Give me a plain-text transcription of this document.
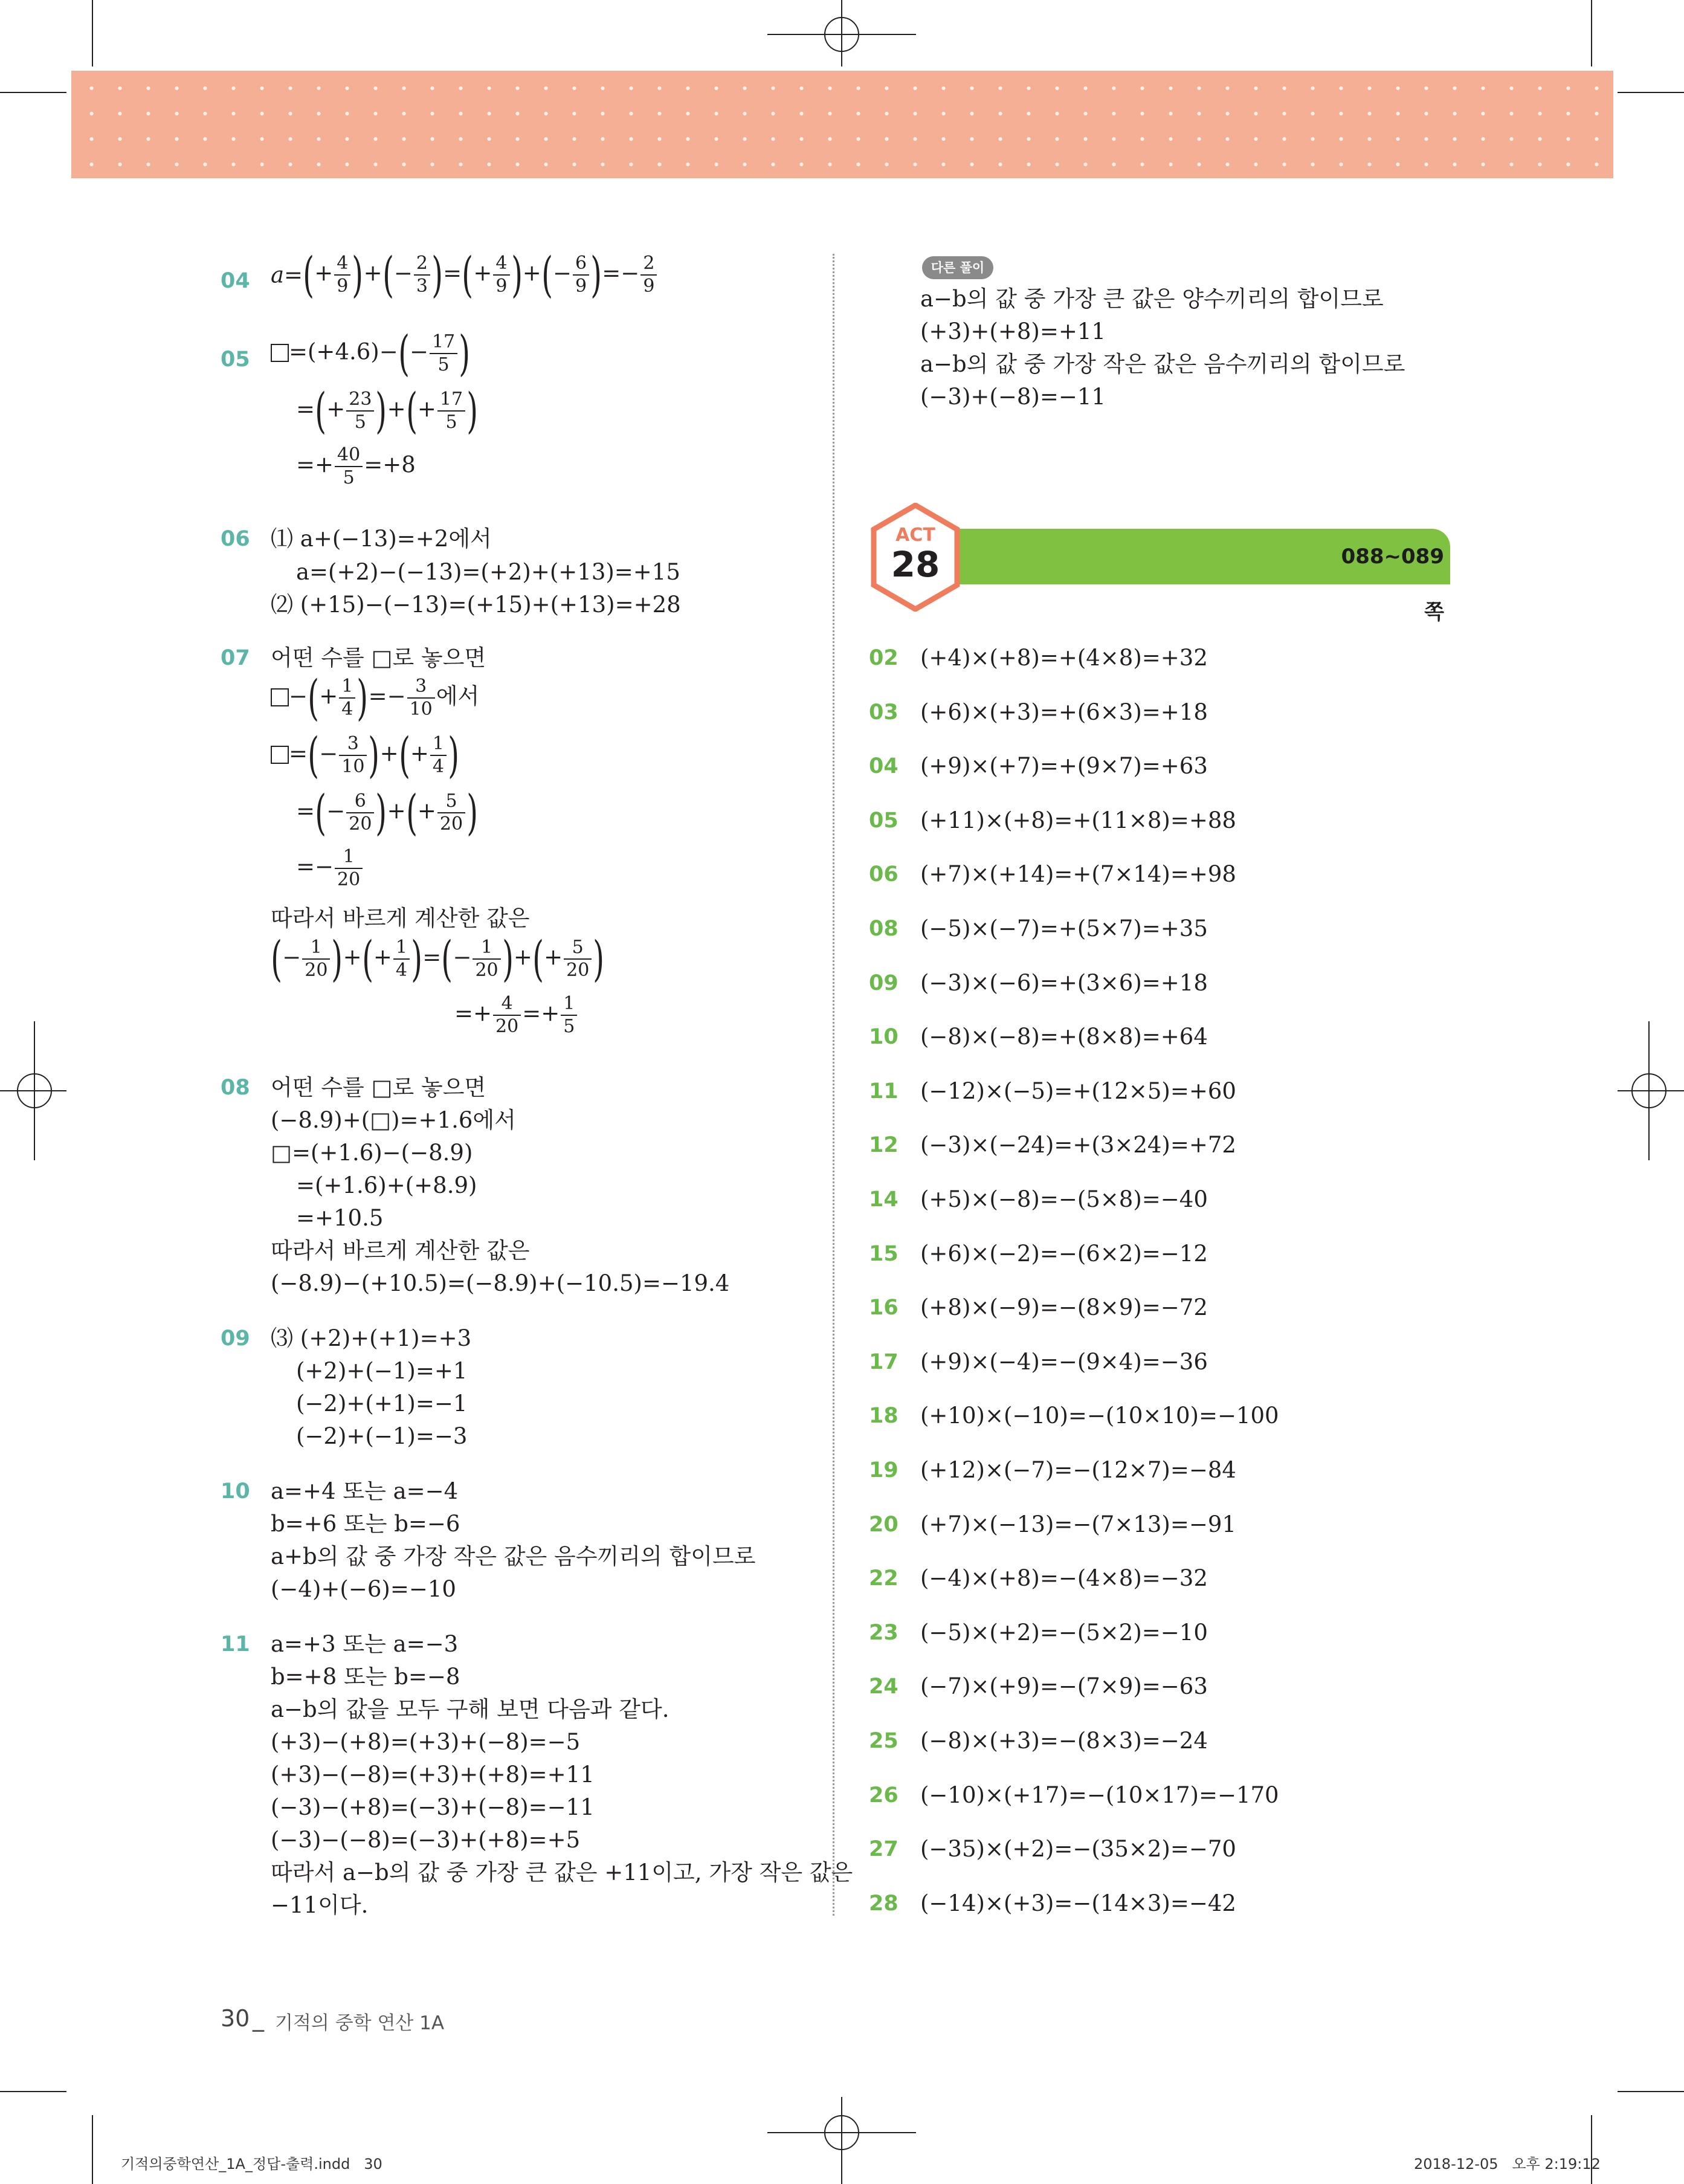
04 $a=(+ \frac{4}{9}$ )+(− $\frac{2}{3}$ )=(+ $\frac{4}{9}$ )+(− $\frac{6}{9}$ )=− $\frac{2}{9}$
05	$=(+4.6)-(- \frac{17}{5}$ )
=(+ $\frac{23}{5}$ )+(+ $\frac{17}{5}$ )
=+ $\frac{40}{5} =+8$
06 ⑴ a+(−13)=+2에서
a=(+2)−(−13)=(+2)+(+13)=+15
⑵ (+15)−(−13)=(+15)+(+13)=+28
07 어떤 수를 □로 놓으면
−(+ $\frac{1}{4}$ )=− $\frac{3}{10}$ 에서
=(− $\frac{3}{10}$ )+(+ $\frac{1}{4}$ )
=(− $\frac{6}{20}$ )+(+ $\frac{5}{20}$ )
=− $\frac{1}{20}$
따라서 바르게 계산한 값은
(− $\frac{1}{20}$ )+(+ $\frac{1}{4}$ )=(− $\frac{1}{20}$ )+(+ $\frac{5}{20}$ )
=+ $\frac{4}{20} =+ \frac{1}{5}$
08 어떤 수를 □로 놓으면
(−8.9)+(□)=+1.6에서
□=(+1.6)−(−8.9)
=(+1.6)+(+8.9)
=+10.5
따라서 바르게 계산한 값은
(−8.9)−(+10.5)=(−8.9)+(−10.5)=−19.4
09 ⑶ (+2)+(+1)=+3
(+2)+(−1)=+1
(−2)+(+1)=−1
(−2)+(−1)=−3
10 a=+4 또는 a=−4
b=+6 또는 b=−6
a+b의 값 중 가장 작은 값은 음수끼리의 합이므로
(−4)+(−6)=−10
11 a=+3 또는 a=−3
b=+8 또는 b=−8
a−b의 값을 모두 구해 보면 다음과 같다.
(+3)−(+8)=(+3)+(−8)=−5
(+3)−(−8)=(+3)+(+8)=+11
(−3)−(+8)=(−3)+(−8)=−11
(−3)−(−8)=(−3)+(+8)=+5
따라서 a−b의 값 중 가장 큰 값은 +11이고, 가장 작은 값은
−11이다.
다른 풀이
a−b의 값 중 가장 큰 값은 양수끼리의 합이므로
(+3)+(+8)=+11
a−b의 값 중 가장 작은 값은 음수끼리의 합이므로
(−3)+(−8)=−11
ACT
28	088~089쪽
02 (+4)×(+8)=+(4×8)=+32
03 (+6)×(+3)=+(6×3)=+18
04 (+9)×(+7)=+(9×7)=+63
05 (+11)×(+8)=+(11×8)=+88
06 (+7)×(+14)=+(7×14)=+98
08 (−5)×(−7)=+(5×7)=+35
09 (−3)×(−6)=+(3×6)=+18
10 (−8)×(−8)=+(8×8)=+64
11 (−12)×(−5)=+(12×5)=+60
12 (−3)×(−24)=+(3×24)=+72
14 (+5)×(−8)=−(5×8)=−40
15 (+6)×(−2)=−(6×2)=−12
16 (+8)×(−9)=−(8×9)=−72
17 (+9)×(−4)=−(9×4)=−36
18 (+10)×(−10)=−(10×10)=−100
19 (+12)×(−7)=−(12×7)=−84
20 (+7)×(−13)=−(7×13)=−91
22 (−4)×(+8)=−(4×8)=−32
23 (−5)×(+2)=−(5×2)=−10
24 (−7)×(+9)=−(7×9)=−63
25 (−8)×(+3)=−(8×3)=−24
26 (−10)×(+17)=−(10×17)=−170
27 (−35)×(+2)=−(35×2)=−70
28 (−14)×(+3)=−(14×3)=−42
30 _ 기적의 중학 연산 1A
기적의중학연산_1A_정답-출력.indd   30	2018-12-05   오후 2:19:12
